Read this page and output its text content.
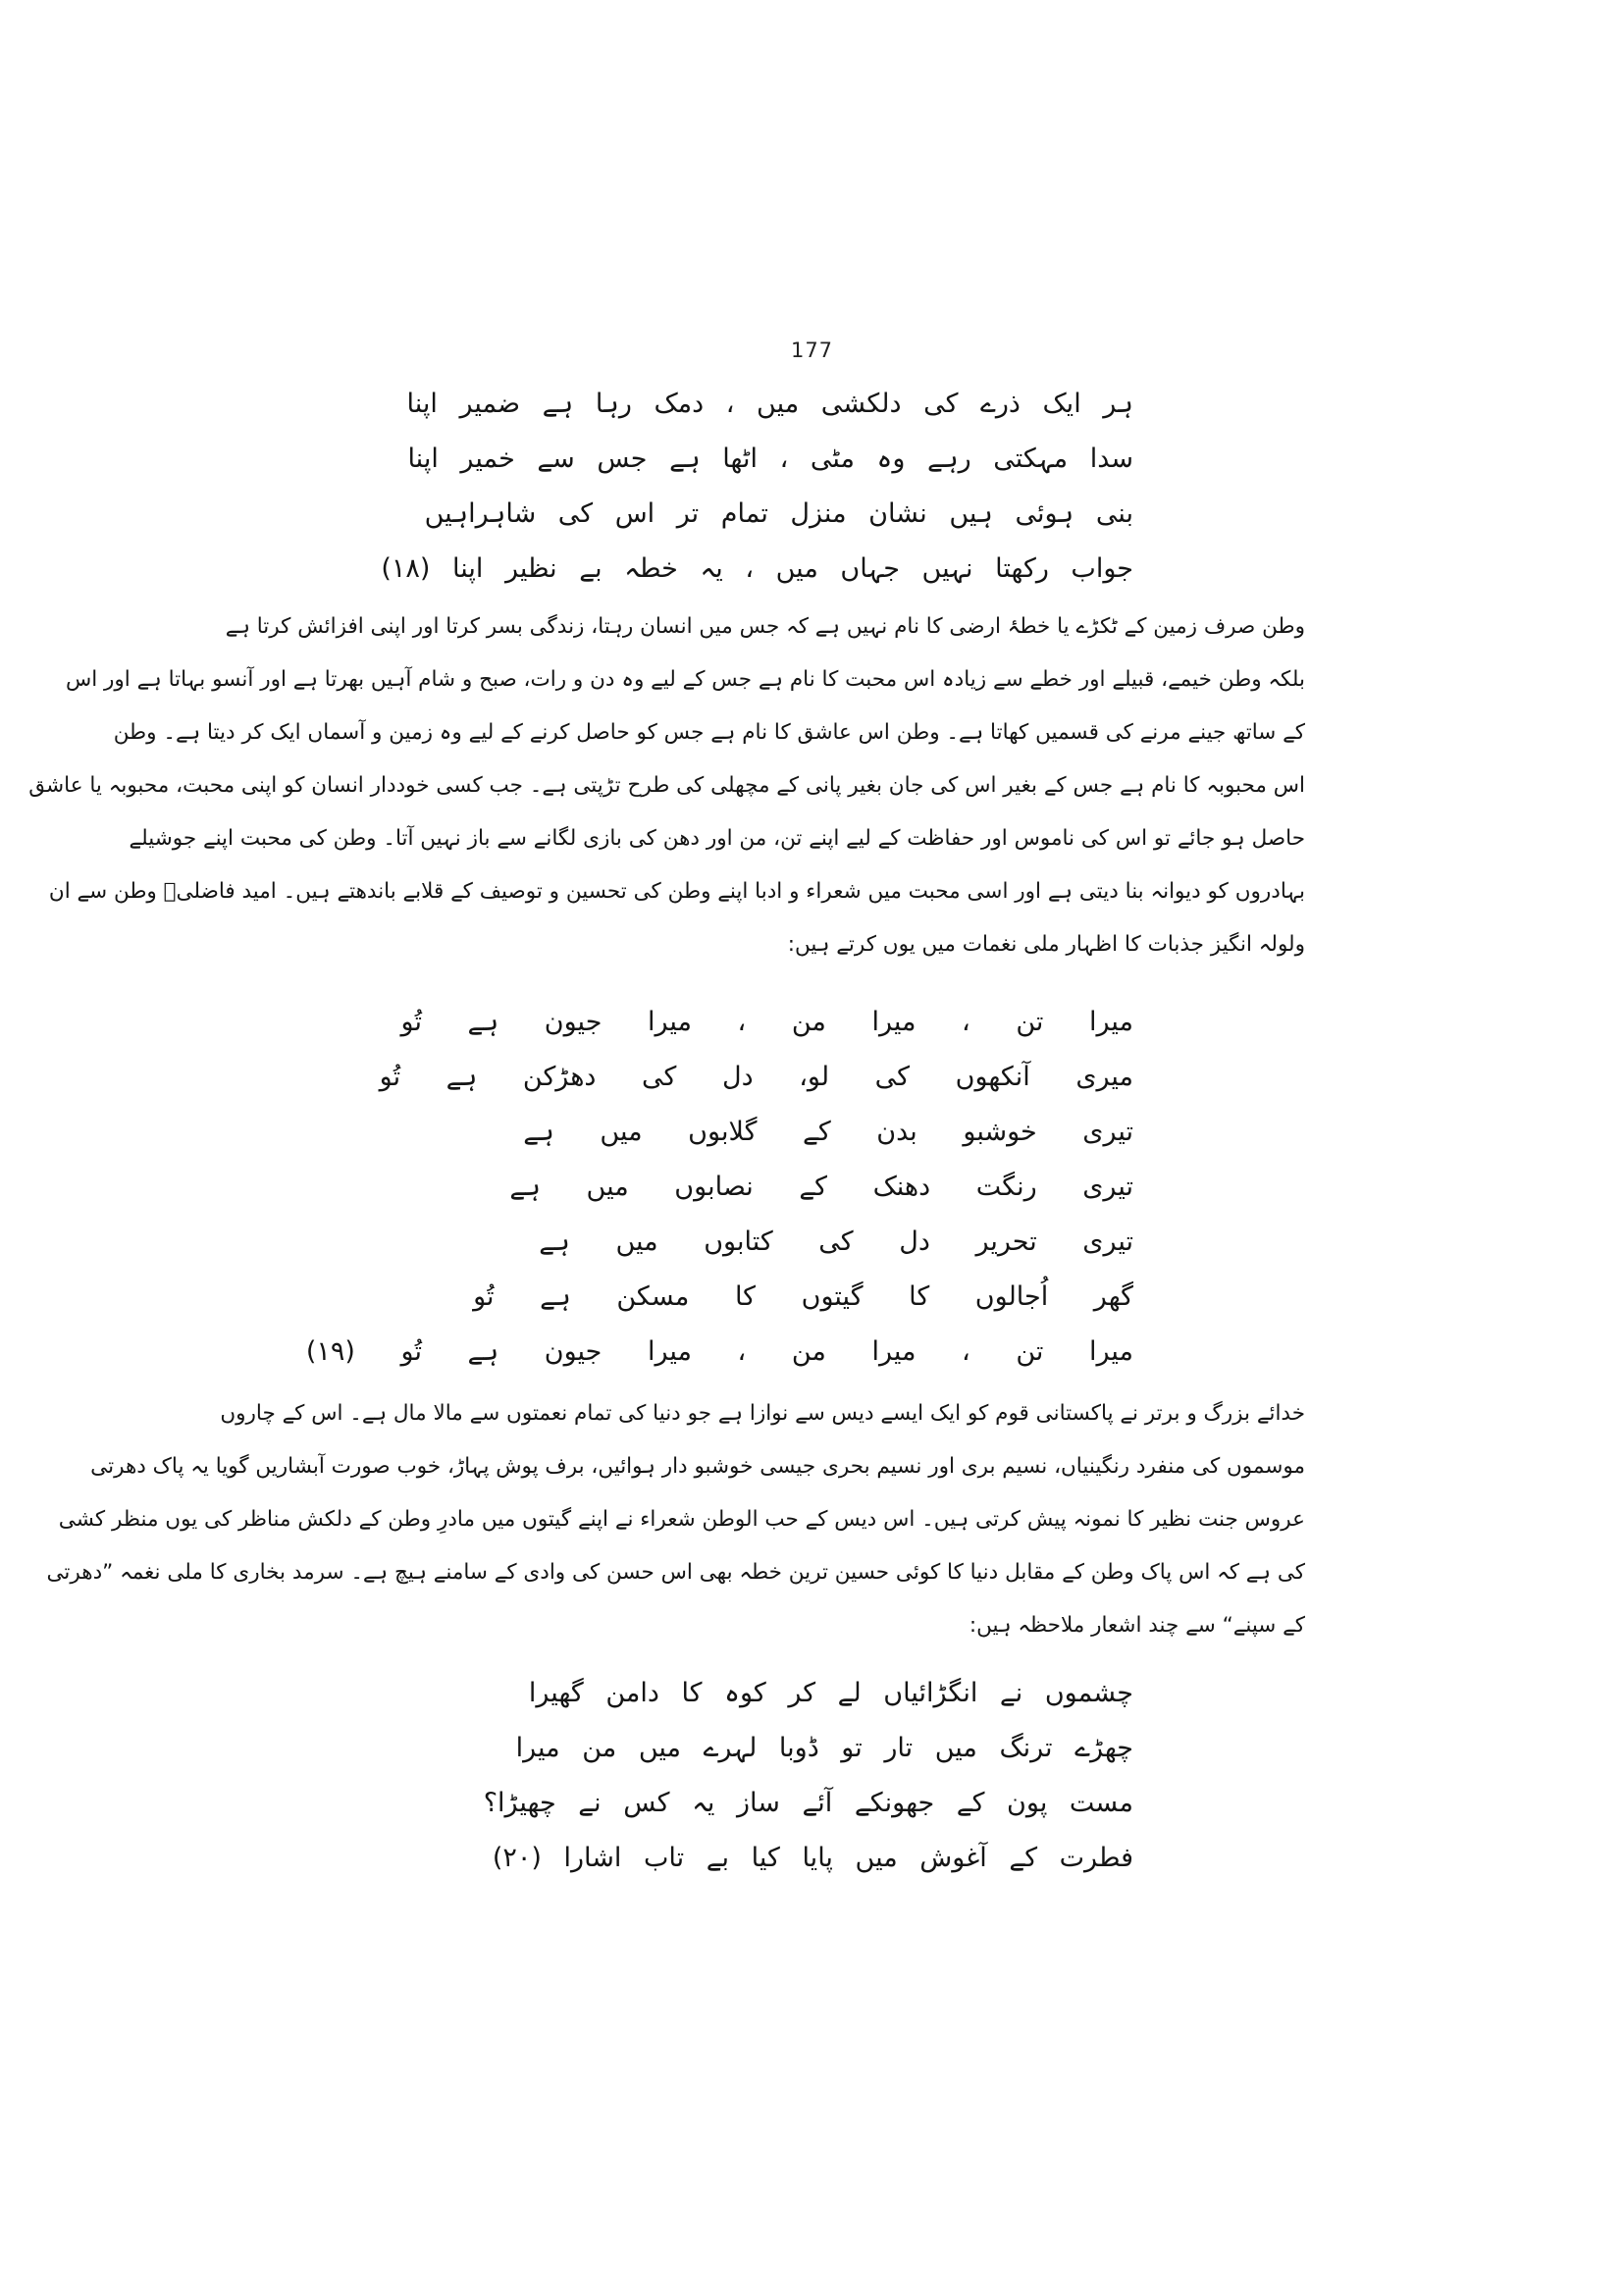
177
ہر ایک ذرے کی دلکشی میں ، دمک رہا ہے ضمیر اپنا
سدا مہکتی رہے وہ مٹی ، اٹھا ہے جس سے خمیر اپنا
بنی ہوئی ہیں نشان منزل تمام تر اس کی شاہراہیں
جواب رکھتا نہیں جہاں میں ، یہ خطہ بے نظیر اپنا (۱۸)
وطن صرف زمین کے ٹکڑے یا خطۂ ارضی کا نام نہیں ہے کہ جس میں انسان رہتا، زندگی بسر کرتا اور اپنی افزائش کرتا ہے
بلکہ وطن خیمے، قبیلے اور خطے سے زیادہ اس محبت کا نام ہے جس کے لیے وہ دن و رات، صبح و شام آہیں بھرتا ہے اور آنسو بہاتا ہے اور اس
کے ساتھ جینے مرنے کی قسمیں کھاتا ہے۔ وطن اس عاشق کا نام ہے جس کو حاصل کرنے کے لیے وہ زمین و آسماں ایک کر دیتا ہے۔ وطن
اس محبوبہ کا نام ہے جس کے بغیر اس کی جان بغیر پانی کے مچھلی کی طرح تڑپتی ہے۔ جب کسی خوددار انسان کو اپنی محبت، محبوبہ یا عاشق
حاصل ہو جائے تو اس کی ناموس اور حفاظت کے لیے اپنے تن، من اور دھن کی بازی لگانے سے باز نہیں آتا۔ وطن کی محبت اپنے جوشیلے
بہادروں کو دیوانہ بنا دیتی ہے اور اسی محبت میں شعراء و ادبا اپنے وطن کی تحسین و توصیف کے قلابے باندھتے ہیں۔ امید فاضلیؔ وطن سے ان
ولولہ انگیز جذبات کا اظہار ملی نغمات میں یوں کرتے ہیں:
میرا تن ، میرا من ، میرا جیون ہے تُو
میری آنکھوں کی لو، دل کی دھڑکن ہے تُو
تیری خوشبو بدن کے گلابوں میں ہے
تیری رنگت دھنک کے نصابوں میں ہے
تیری تحریر دل کی کتابوں میں ہے
گھر اُجالوں کا گیتوں کا مسکن ہے تُو
میرا تن ، میرا من ، میرا جیون ہے تُو (۱۹)
خدائے بزرگ و برتر نے پاکستانی قوم کو ایک ایسے دیس سے نوازا ہے جو دنیا کی تمام نعمتوں سے مالا مال ہے۔ اس کے چاروں
موسموں کی منفرد رنگینیاں، نسیم بری اور نسیم بحری جیسی خوشبو دار ہوائیں، برف پوش پہاڑ، خوب صورت آبشاریں گویا یہ پاک دھرتی
عروس جنت نظیر کا نمونہ پیش کرتی ہیں۔ اس دیس کے حب الوطن شعراء نے اپنے گیتوں میں مادرِ وطن کے دلکش مناظر کی یوں منظر کشی
کی ہے کہ اس پاک وطن کے مقابل دنیا کا کوئی حسین ترین خطہ بھی اس حسن کی وادی کے سامنے ہیچ ہے۔ سرمد بخاری کا ملی نغمہ ”دھرتی
کے سپنے“ سے چند اشعار ملاحظہ ہیں:
چشموں نے انگڑائیاں لے کر کوہ کا دامن گھیرا
چھڑے ترنگ میں تار تو ڈوبا لہرے میں من میرا
مست پون کے جھونکے آئے ساز یہ کس نے چھیڑا؟
فطرت کے آغوش میں پایا کیا بے تاب اشارا (۲۰)
